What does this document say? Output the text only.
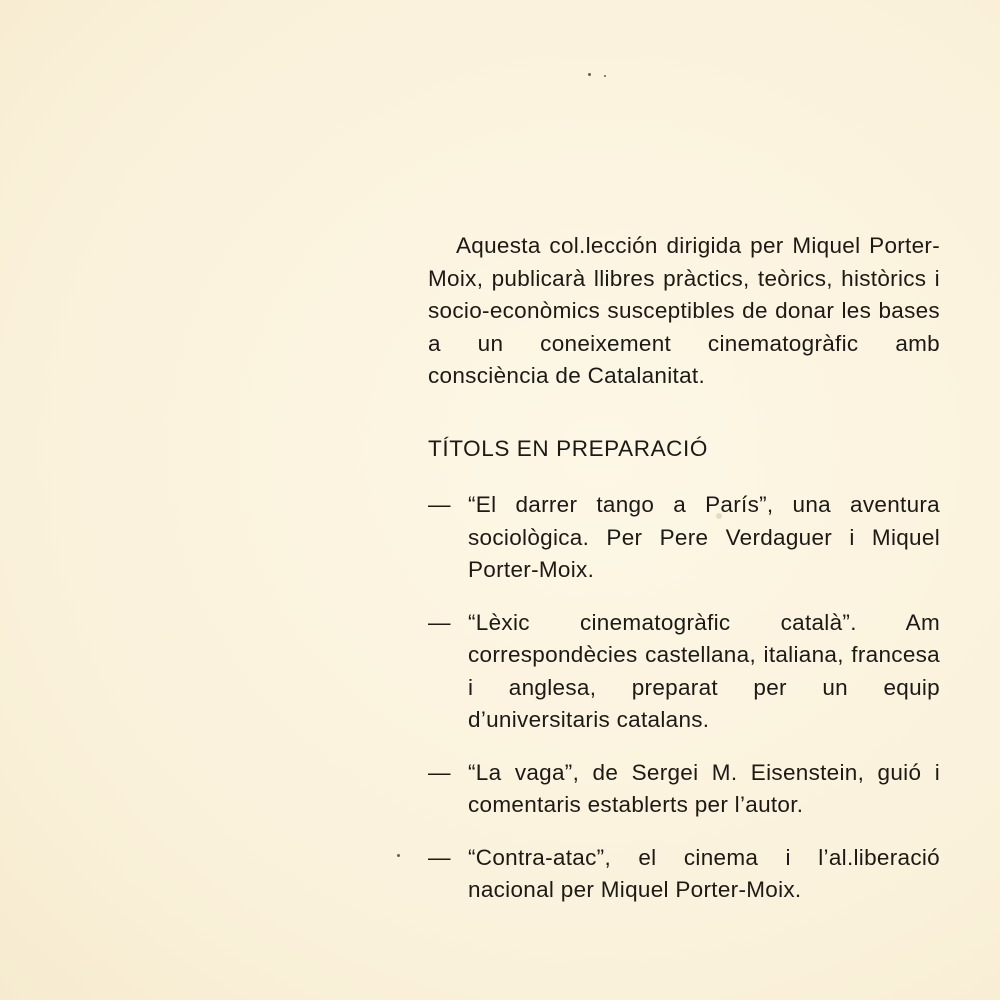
Aquesta col.lección dirigida per Miquel Porter-Moix, publicarà llibres pràctics, teòrics, històrics i socio-econòmics susceptibles de donar les bases a un coneixement cinematogràfic amb consciència de Catalanitat.

TÍTOLS EN PREPARACIÓ
— “El darrer tango a París”, una aventura sociològica. Per Pere Verdaguer i Miquel Porter-Moix.
— “Lèxic cinematogràfic català”. Am correspondècies castellana, italiana, francesa i anglesa, preparat per un equip d’universitaris catalans.
— “La vaga”, de Sergei M. Eisenstein, guió i comentaris establerts per l’autor.
— “Contra-atac”, el cinema i l’al.liberació nacional per Miquel Porter-Moix.
